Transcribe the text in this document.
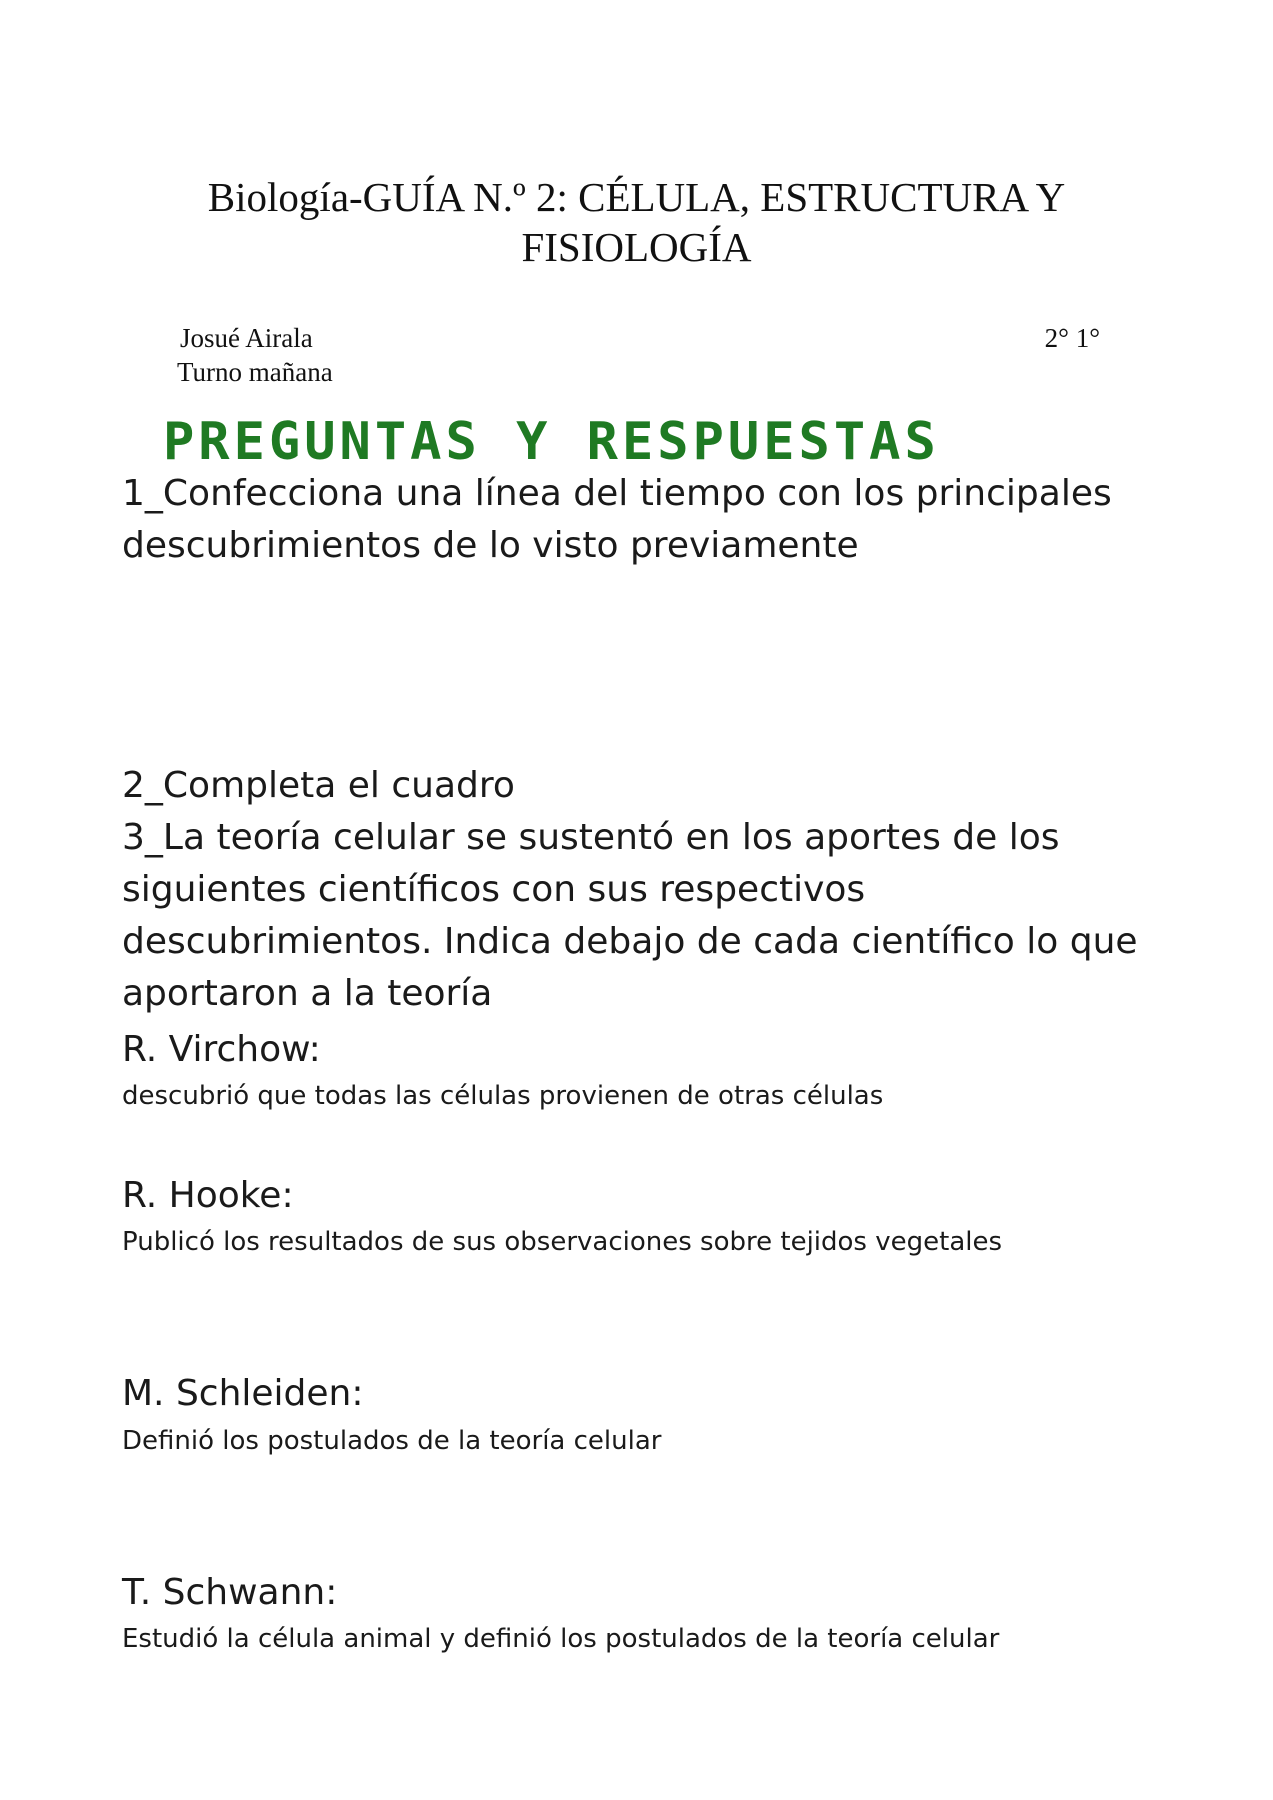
Biología-GUÍA N.º 2: CÉLULA, ESTRUCTURA Y FISIOLOGÍA
Josué Airala
Turno mañana
2° 1°
PREGUNTAS Y RESPUESTAS

1_Confecciona una línea del tiempo con los principales descubrimientos de lo visto previamente

2_Completa el cuadro

3_La teoría celular se sustentó en los aportes de los siguientes científicos con sus respectivos descubrimientos. Indica debajo de cada científico lo que aportaron a la teoría

R. Virchow:
descubrió que todas las células provienen de otras células
R. Hooke:
Publicó los resultados de sus observaciones sobre tejidos vegetales
M. Schleiden:
Definió los postulados de la teoría celular
T. Schwann:
Estudió la célula animal y definió los postulados de la teoría celular
